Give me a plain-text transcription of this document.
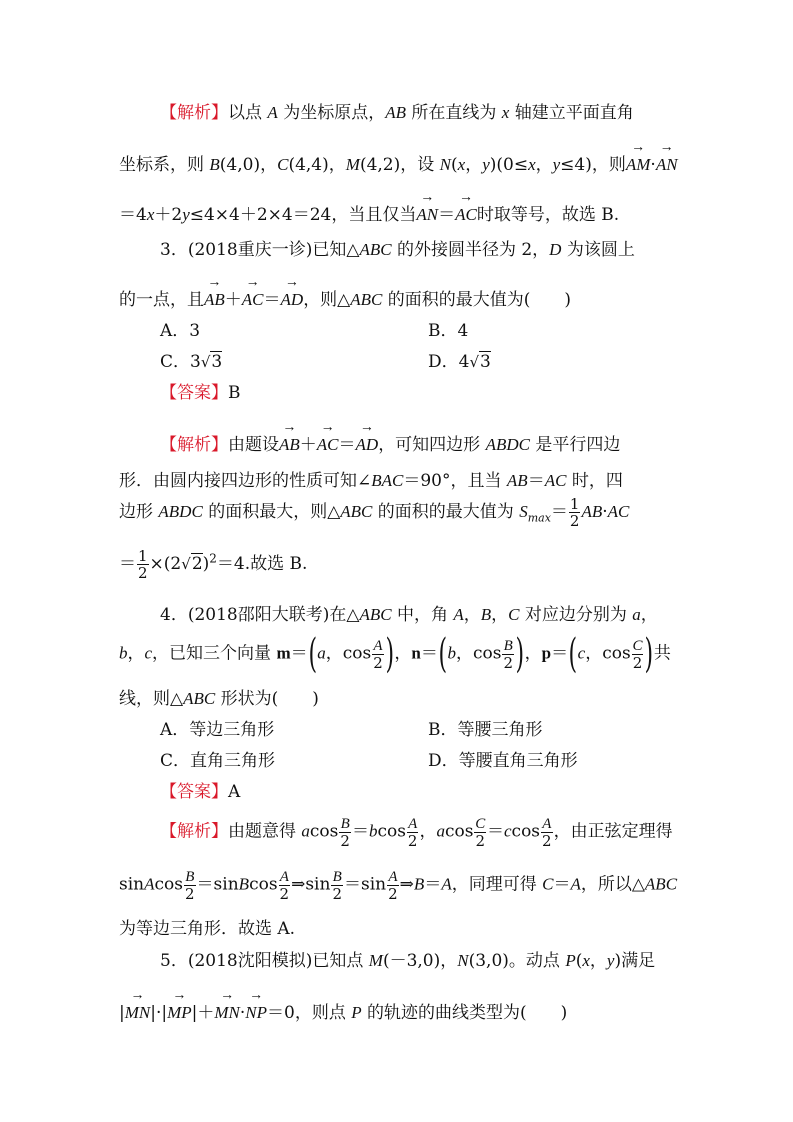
【解析】以点 A 为坐标原点，AB 所在直线为 x 轴建立平面直角
坐标系，则 B(4,0)，C(4,4)，M(4,2)，设 N(x，y)(0≤x，y≤4)，则→ AM·→ AN
＝4x＋2y≤4×4＋2×4＝24，当且仅当→ AN＝→ AC时取等号，故选 B.
3．(2018重庆一诊)已知△ABC 的外接圆半径为 2，D 为该圆上
的一点，且→ AB＋→ AC＝→ AD，则△ABC 的面积的最大值为(　　)
A．3	B．4
C．3√3	D．4√3
【答案】B
【解析】由题设→ AB＋→ AC＝→ AD，可知四边形 ABDC 是平行四边
形．由圆内接四边形的性质可知∠BAC＝90°，且当 AB＝AC 时，四
边形 ABDC 的面积最大，则△ABC 的面积的最大值为 $S_{max}= \frac{1}{2} AB\cdot AC$
＝ $\frac{1}{2} \times(2√2)^2=4$.故选 B.
4．(2018邵阳大联考)在△ABC 中，角 A，B，C 对应边分别为 a，
b，c，已知三个向量 m＝(a，$\cos \frac{A}{2}$ )，n＝(b，$\cos \frac{B}{2}$ )，p＝(c，$\cos \frac{C}{2}$ )共
线，则△ABC 形状为(　　)
A．等边三角形	B．等腰三角形
C．直角三角形	D．等腰直角三角形
【答案】A
【解析】由题意得 acos $\frac{B}{2} =bcos \frac{A}{2}$ ，acos $\frac{C}{2} =ccos \frac{A}{2}$ ，由正弦定理得
sinAcos $\frac{B}{2}$ ＝sinBcos $\frac{A}{2}$ ⇒sin $\frac{B}{2} =\sin \frac{A}{2}$ ⇒B＝A，同理可得 C＝A，所以△ABC
为等边三角形．故选 A.
5．(2018沈阳模拟)已知点 M(－3,0)，N(3,0)。动点 P(x，y)满足
|→ MN|·|→ MP|＋→ MN·→ NP＝0，则点 P 的轨迹的曲线类型为(　　)
